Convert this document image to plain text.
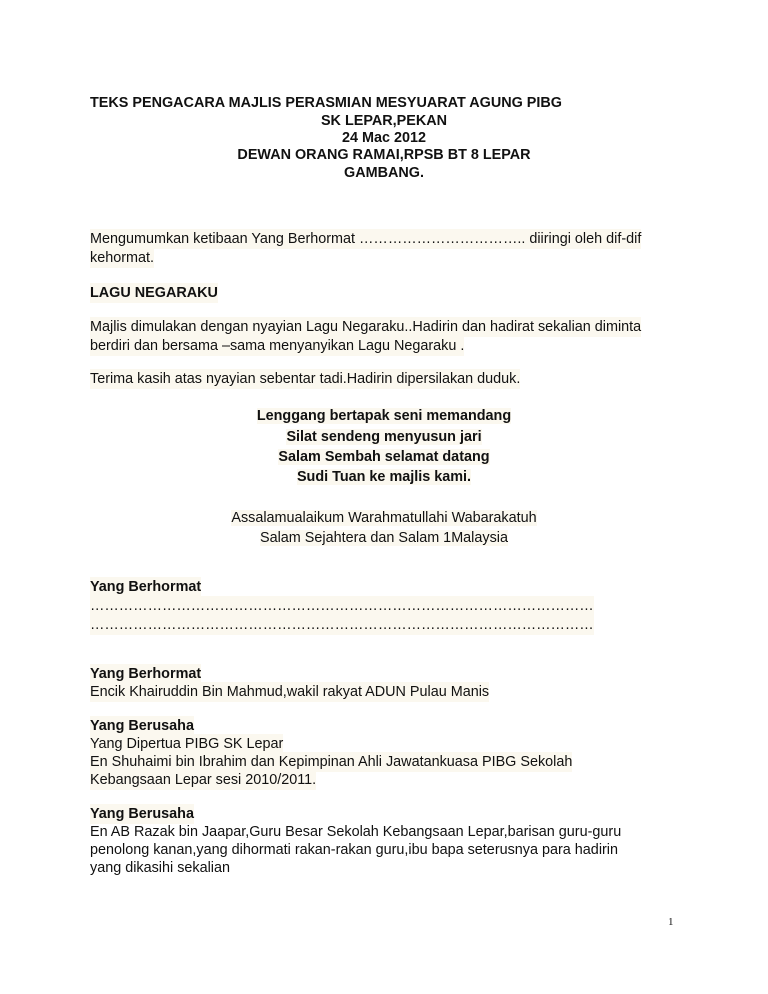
TEKS PENGACARA MAJLIS PERASMIAN MESYUARAT AGUNG PIBG
SK LEPAR,PEKAN
24 Mac 2012
DEWAN ORANG RAMAI,RPSB BT 8 LEPAR
GAMBANG.
Mengumumkan ketibaan Yang Berhormat …………………………….. diiringi oleh dif-dif
kehormat.
LAGU NEGARAKU
Majlis dimulakan dengan nyayian Lagu Negaraku..Hadirin dan hadirat sekalian diminta
berdiri dan bersama –sama menyanyikan Lagu Negaraku .
Terima kasih atas nyayian sebentar tadi.Hadirin dipersilakan duduk.
Lenggang bertapak seni memandang
Silat sendeng menyusun jari
Salam Sembah selamat datang
Sudi Tuan ke majlis kami.
Assalamualaikum Warahmatullahi Wabarakatuh
Salam Sejahtera dan Salam 1Malaysia
Yang Berhormat
……………………………………………………………………………………………
……………………………………………………………………………………………
Yang Berhormat
Encik Khairuddin Bin Mahmud,wakil rakyat ADUN Pulau Manis
Yang Berusaha
Yang Dipertua PIBG SK Lepar
En Shuhaimi bin Ibrahim dan Kepimpinan Ahli Jawatankuasa PIBG Sekolah
Kebangsaan Lepar sesi 2010/2011.
Yang Berusaha
En AB Razak bin Jaapar,Guru Besar Sekolah Kebangsaan Lepar,barisan guru-guru
penolong kanan,yang dihormati rakan-rakan guru,ibu bapa seterusnya para hadirin
yang dikasihi sekalian
1
